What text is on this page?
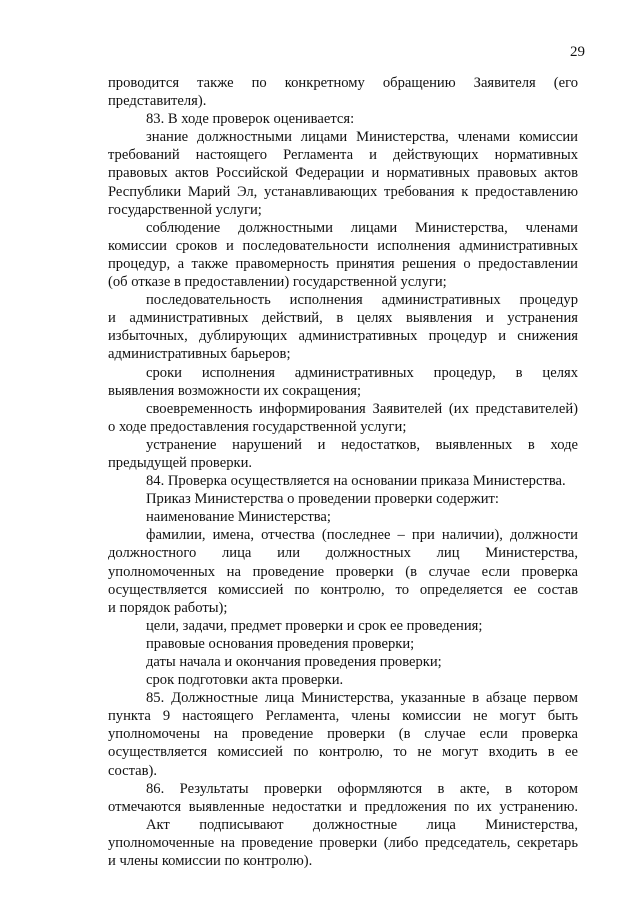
29
проводится также по конкретному обращению Заявителя (его
представителя).
83. В ходе проверок оценивается:
знание должностными лицами Министерства, членами комиссии
требований настоящего Регламента и действующих нормативных
правовых актов Российской Федерации и нормативных правовых актов
Республики Марий Эл, устанавливающих требования к предоставлению
государственной услуги;
соблюдение должностными лицами Министерства, членами
комиссии сроков и последовательности исполнения административных
процедур, а также правомерность принятия решения о предоставлении
(об отказе в предоставлении) государственной услуги;
последовательность исполнения административных процедур
и административных действий, в целях выявления и устранения
избыточных, дублирующих административных процедур и снижения
административных барьеров;
сроки исполнения административных процедур, в целях
выявления возможности их сокращения;
своевременность информирования Заявителей (их представителей)
о ходе предоставления государственной услуги;
устранение нарушений и недостатков, выявленных в ходе
предыдущей проверки.
84. Проверка осуществляется на основании приказа Министерства.
Приказ Министерства о проведении проверки содержит:
наименование Министерства;
фамилии, имена, отчества (последнее – при наличии), должности
должностного лица или должностных лиц Министерства,
уполномоченных на проведение проверки (в случае если проверка
осуществляется комиссией по контролю, то определяется ее состав
и порядок работы);
цели, задачи, предмет проверки и срок ее проведения;
правовые основания проведения проверки;
даты начала и окончания проведения проверки;
срок подготовки акта проверки.
85. Должностные лица Министерства, указанные в абзаце первом
пункта 9 настоящего Регламента, члены комиссии не могут быть
уполномочены на проведение проверки (в случае если проверка
осуществляется комиссией по контролю, то не могут входить в ее
состав).
86. Результаты проверки оформляются в акте, в котором
отмечаются выявленные недостатки и предложения по их устранению.
Акт подписывают должностные лица Министерства,
уполномоченные на проведение проверки (либо председатель, секретарь
и члены комиссии по контролю).
